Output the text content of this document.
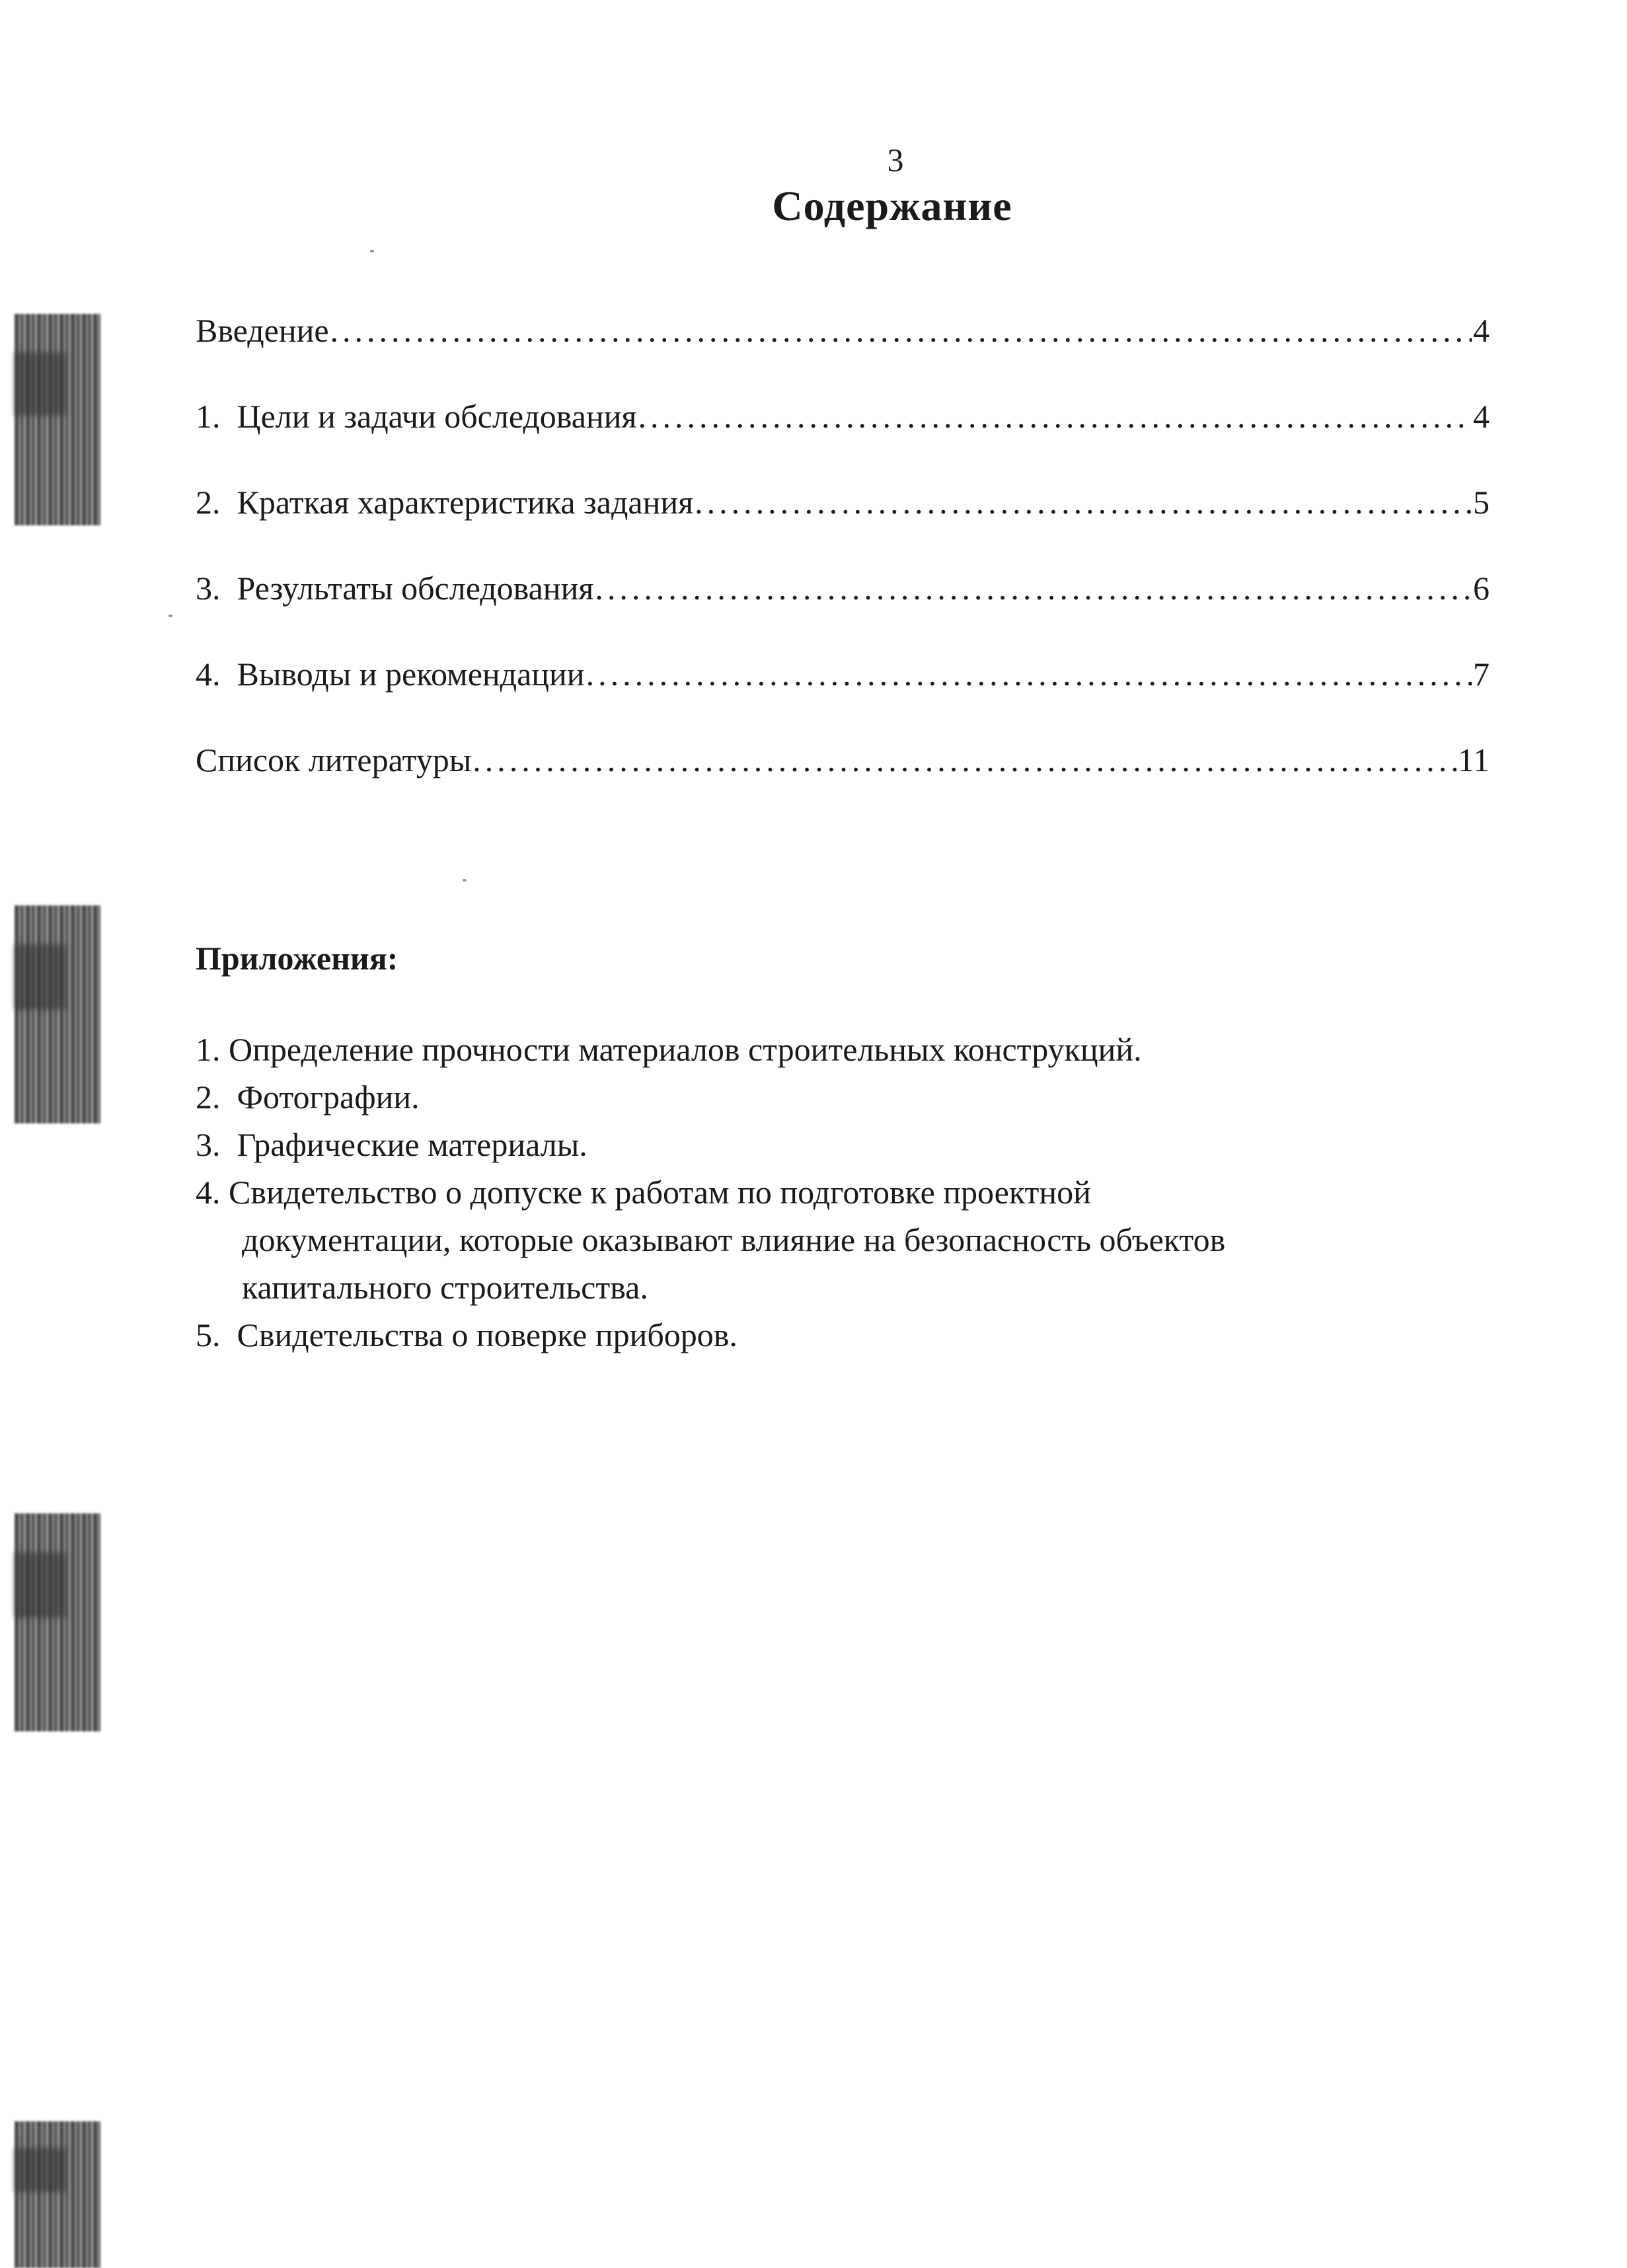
3
Содержание
Введение .....	4
1. Цели и задачи обследования .....	4
2. Краткая характеристика задания .....	5
3. Результаты обследования .....	6
4. Выводы и рекомендации .....	7
Список литературы .....	11
Приложения:
1. Определение прочности материалов строительных конструкций.
2. Фотографии.
3. Графические материалы.
4. Свидетельство о допуске к работам по подготовке проектной
документации, которые оказывают влияние на безопасность объектов
капитального строительства.
5. Свидетельства о поверке приборов.
